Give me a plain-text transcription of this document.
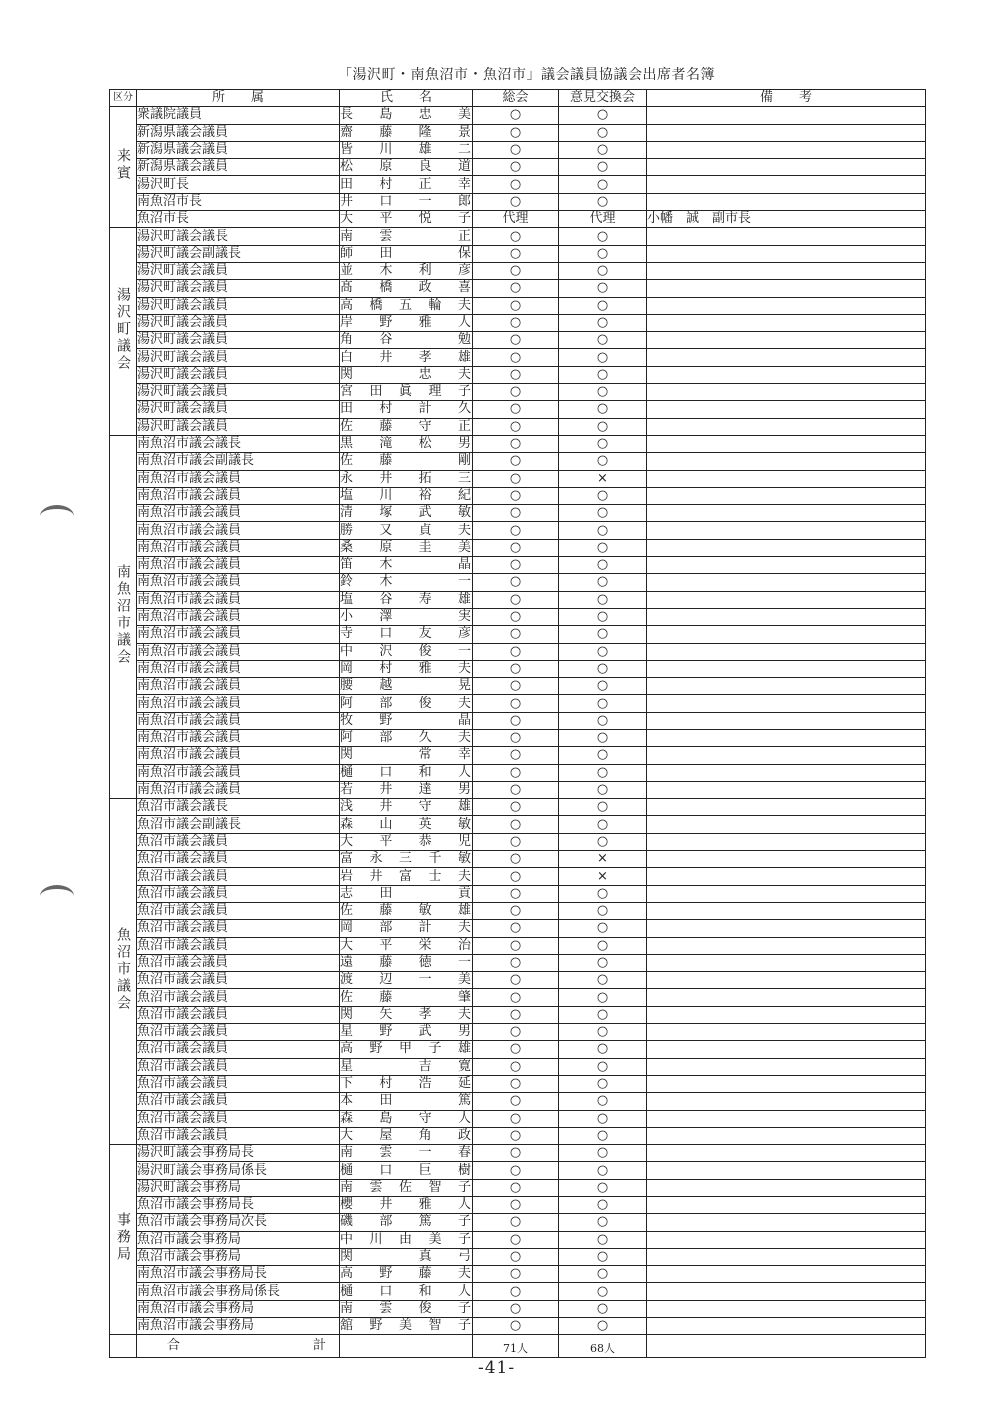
「湯沢町・南魚沼市・魚沼市」議会議員協議会出席者名簿
区分	所　　属	氏　　名	総会	意見交換会	備　　考
来賓	衆議院議員	長島忠美	○	○	
	新潟県議会議員	齋藤隆景	○	○	
	新潟県議会議員	皆川雄二	○	○	
	新潟県議会議員	松原良道	○	○	
	湯沢町長	田村正幸	○	○	
	南魚沼市長	井口一郎	○	○	
	魚沼市長	大平悦子	代理	代理	小幡　誠　副市長
湯沢町議会	湯沢町議会議長	南雲　正	○	○	
	湯沢町議会副議長	師田　保	○	○	
	湯沢町議会議員	並木利彦	○	○	
	湯沢町議会議員	髙橋政喜	○	○	
	湯沢町議会議員	高橋五輪夫	○	○	
	湯沢町議会議員	岸野雅人	○	○	
	湯沢町議会議員	角谷　勉	○	○	
	湯沢町議会議員	白井孝雄	○	○	
	湯沢町議会議員	関　忠夫	○	○	
	湯沢町議会議員	宮田眞理子	○	○	
	湯沢町議会議員	田村計久	○	○	
	湯沢町議会議員	佐藤守正	○	○	
南魚沼市議会	南魚沼市議会議長	黒滝松男	○	○	
	南魚沼市議会副議長	佐藤　剛	○	○	
	南魚沼市議会議員	永井拓三	○	×	
	南魚沼市議会議員	塩川裕紀	○	○	
	南魚沼市議会議員	清塚武敏	○	○	
	南魚沼市議会議員	勝又貞夫	○	○	
	南魚沼市議会議員	桑原圭美	○	○	
	南魚沼市議会議員	笛木　晶	○	○	
	南魚沼市議会議員	鈴木　一	○	○	
	南魚沼市議会議員	塩谷寿雄	○	○	
	南魚沼市議会議員	小澤　実	○	○	
	南魚沼市議会議員	寺口友彦	○	○	
	南魚沼市議会議員	中沢俊一	○	○	
	南魚沼市議会議員	岡村雅夫	○	○	
	南魚沼市議会議員	腰越　晃	○	○	
	南魚沼市議会議員	阿部俊夫	○	○	
	南魚沼市議会議員	牧野　晶	○	○	
	南魚沼市議会議員	阿部久夫	○	○	
	南魚沼市議会議員	関　常幸	○	○	
	南魚沼市議会議員	樋口和人	○	○	
	南魚沼市議会議員	若井達男	○	○	
魚沼市議会	魚沼市議会議長	浅井守雄	○	○	
	魚沼市議会副議長	森山英敏	○	○	
	魚沼市議会議員	大平恭児	○	○	
	魚沼市議会議員	富永三千敏	○	×	
	魚沼市議会議員	岩井富士夫	○	×	
	魚沼市議会議員	志田　貢	○	○	
	魚沼市議会議員	佐藤敏雄	○	○	
	魚沼市議会議員	岡部計夫	○	○	
	魚沼市議会議員	大平栄治	○	○	
	魚沼市議会議員	遠藤徳一	○	○	
	魚沼市議会議員	渡辺一美	○	○	
	魚沼市議会議員	佐藤　肇	○	○	
	魚沼市議会議員	関矢孝夫	○	○	
	魚沼市議会議員	星野武男	○	○	
	魚沼市議会議員	高野甲子雄	○	○	
	魚沼市議会議員	星　吉寛	○	○	
	魚沼市議会議員	下村浩延	○	○	
	魚沼市議会議員	本田　篤	○	○	
	魚沼市議会議員	森島守人	○	○	
	魚沼市議会議員	大屋角政	○	○	
事務局	湯沢町議会事務局長	南雲一春	○	○	
	湯沢町議会事務局係長	樋口巨樹	○	○	
	湯沢町議会事務局	南雲佐智子	○	○	
	魚沼市議会事務局長	櫻井雅人	○	○	
	魚沼市議会事務局次長	磯部篤子	○	○	
	魚沼市議会事務局	中川由美子	○	○	
	魚沼市議会事務局	関　真弓	○	○	
	南魚沼市議会事務局長	高野藤夫	○	○	
	南魚沼市議会事務局係長	樋口和人	○	○	
	南魚沼市議会事務局	南雲俊子	○	○	
	南魚沼市議会事務局	舘野美智子	○	○	
	合　計		71人	68人	
-41-
